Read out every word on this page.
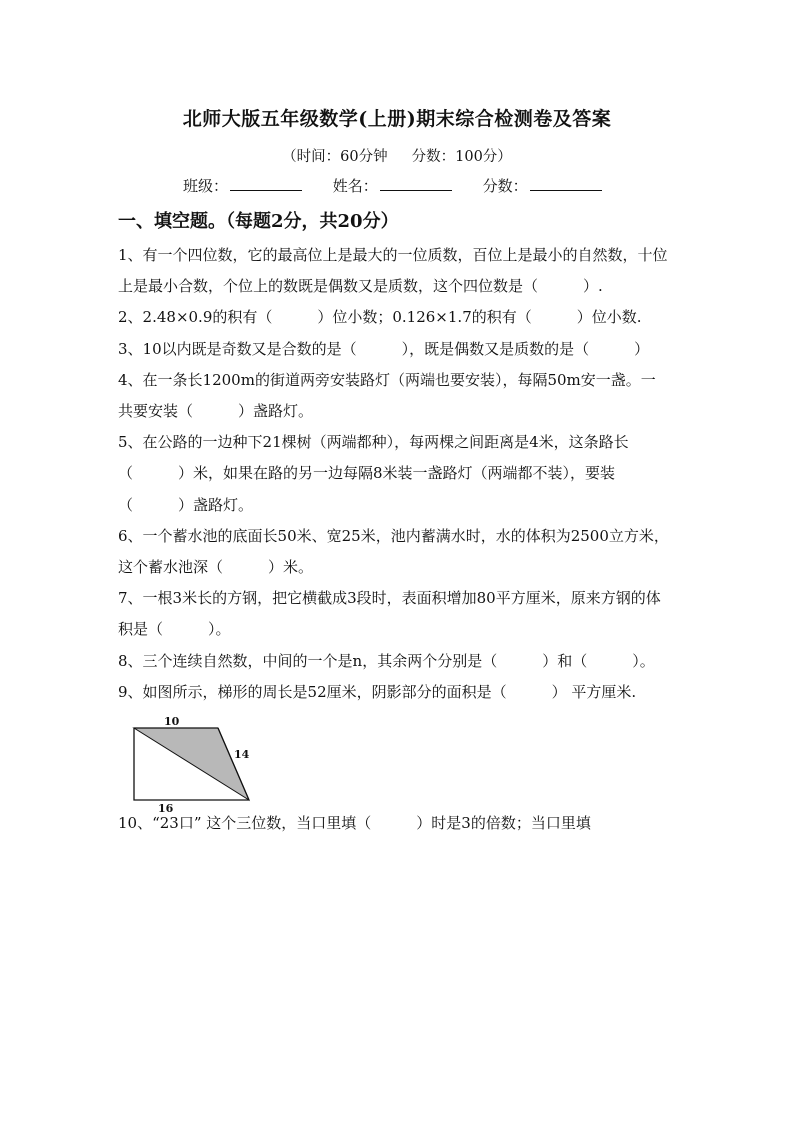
北师大版五年级数学(上册)期末综合检测卷及答案
（时间：60分钟 分数：100分）
班级：	姓名：	分数：
一、填空题。（每题2分，共20分）

1、有一个四位数，它的最高位上是最大的一位质数，百位上是最小的自然数，十位上是最小合数，个位上的数既是偶数又是质数，这个四位数是（　　　）.

2、2.48×0.9的积有（　　　）位小数；0.126×1.7的积有（　　　）位小数.

3、10以内既是奇数又是合数的是（　　　），既是偶数又是质数的是（　　　）

4、在一条长1200m的街道两旁安装路灯（两端也要安装），每隔50m安一盏。一共要安装（　　　）盏路灯。

5、在公路的一边种下21棵树（两端都种），每两棵之间距离是4米，这条路长（　　　）米，如果在路的另一边每隔8米装一盏路灯（两端都不装），要装（　　　）盏路灯。

6、一个蓄水池的底面长50米、宽25米，池内蓄满水时，水的体积为2500立方米，这个蓄水池深（　　　）米。

7、一根3米长的方钢，把它横截成3段时，表面积增加80平方厘米，原来方钢的体积是（　　　）。

8、三个连续自然数，中间的一个是n，其余两个分别是（　　　）和（　　　）。

9、如图所示，梯形的周长是52厘米，阴影部分的面积是（　　　） 平方厘米.

10
14
16

10、“23口” 这个三位数，当口里填（　　　）时是3的倍数；当口里填
